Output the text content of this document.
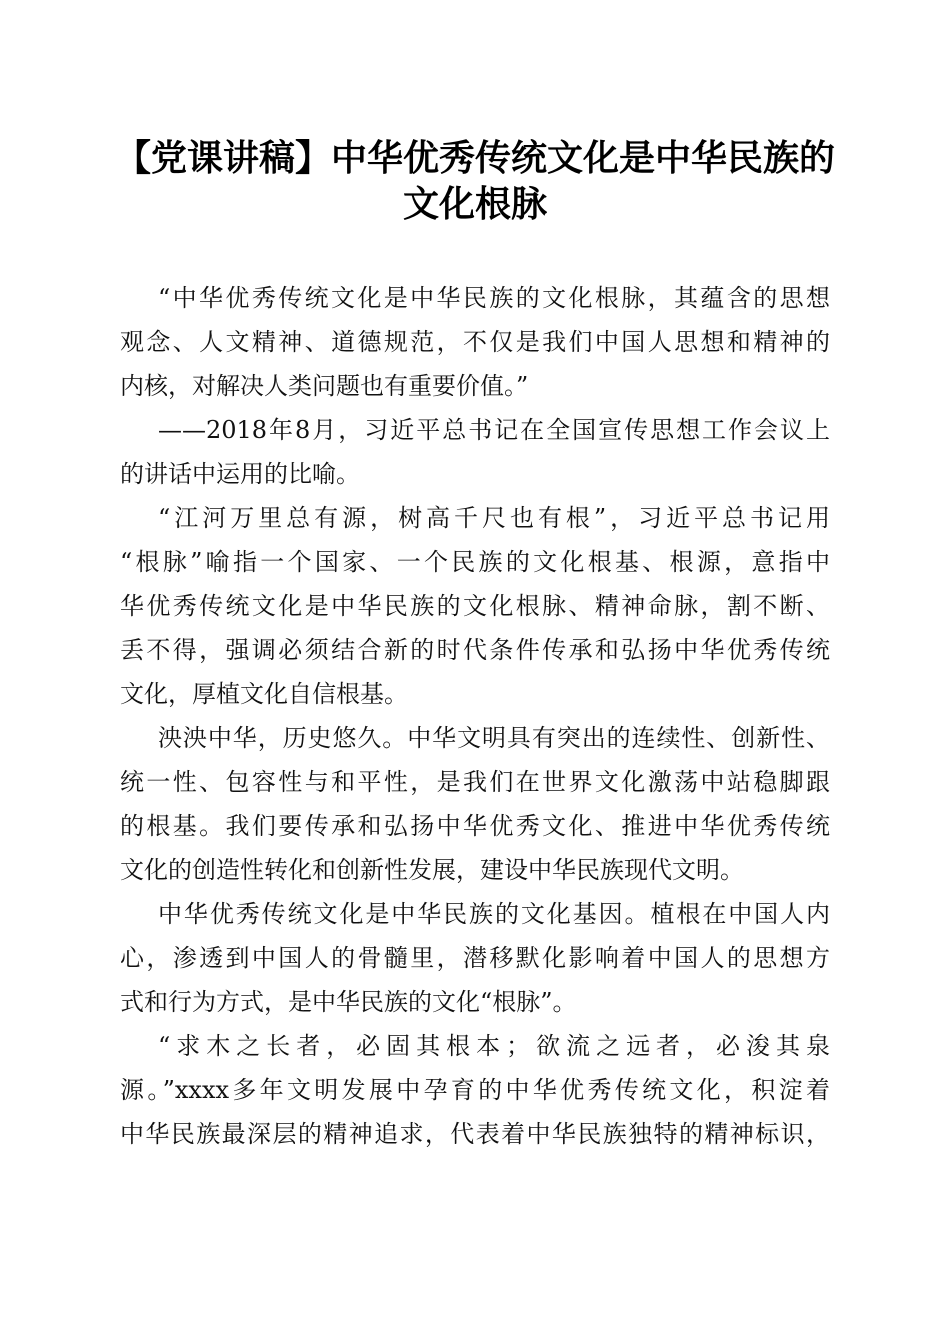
【党课讲稿】中华优秀传统文化是中华民族的
文化根脉
“中华优秀传统文化是中华民族的文化根脉，其蕴含的思想
观念、人文精神、道德规范，不仅是我们中国人思想和精神的
内核，对解决人类问题也有重要价值。”
——2018年8月，习近平总书记在全国宣传思想工作会议上
的讲话中运用的比喻。
“江河万里总有源，树高千尺也有根”，习近平总书记用
“根脉”喻指一个国家、一个民族的文化根基、根源，意指中
华优秀传统文化是中华民族的文化根脉、精神命脉，割不断、
丢不得，强调必须结合新的时代条件传承和弘扬中华优秀传统
文化，厚植文化自信根基。
泱泱中华，历史悠久。中华文明具有突出的连续性、创新性、
统一性、包容性与和平性，是我们在世界文化激荡中站稳脚跟
的根基。我们要传承和弘扬中华优秀文化、推进中华优秀传统
文化的创造性转化和创新性发展，建设中华民族现代文明。
中华优秀传统文化是中华民族的文化基因。植根在中国人内
心，渗透到中国人的骨髓里，潜移默化影响着中国人的思想方
式和行为方式，是中华民族的文化“根脉”。
“求木之长者，必固其根本；欲流之远者，必浚其泉
源。”xxxx多年文明发展中孕育的中华优秀传统文化，积淀着
中华民族最深层的精神追求，代表着中华民族独特的精神标识，
